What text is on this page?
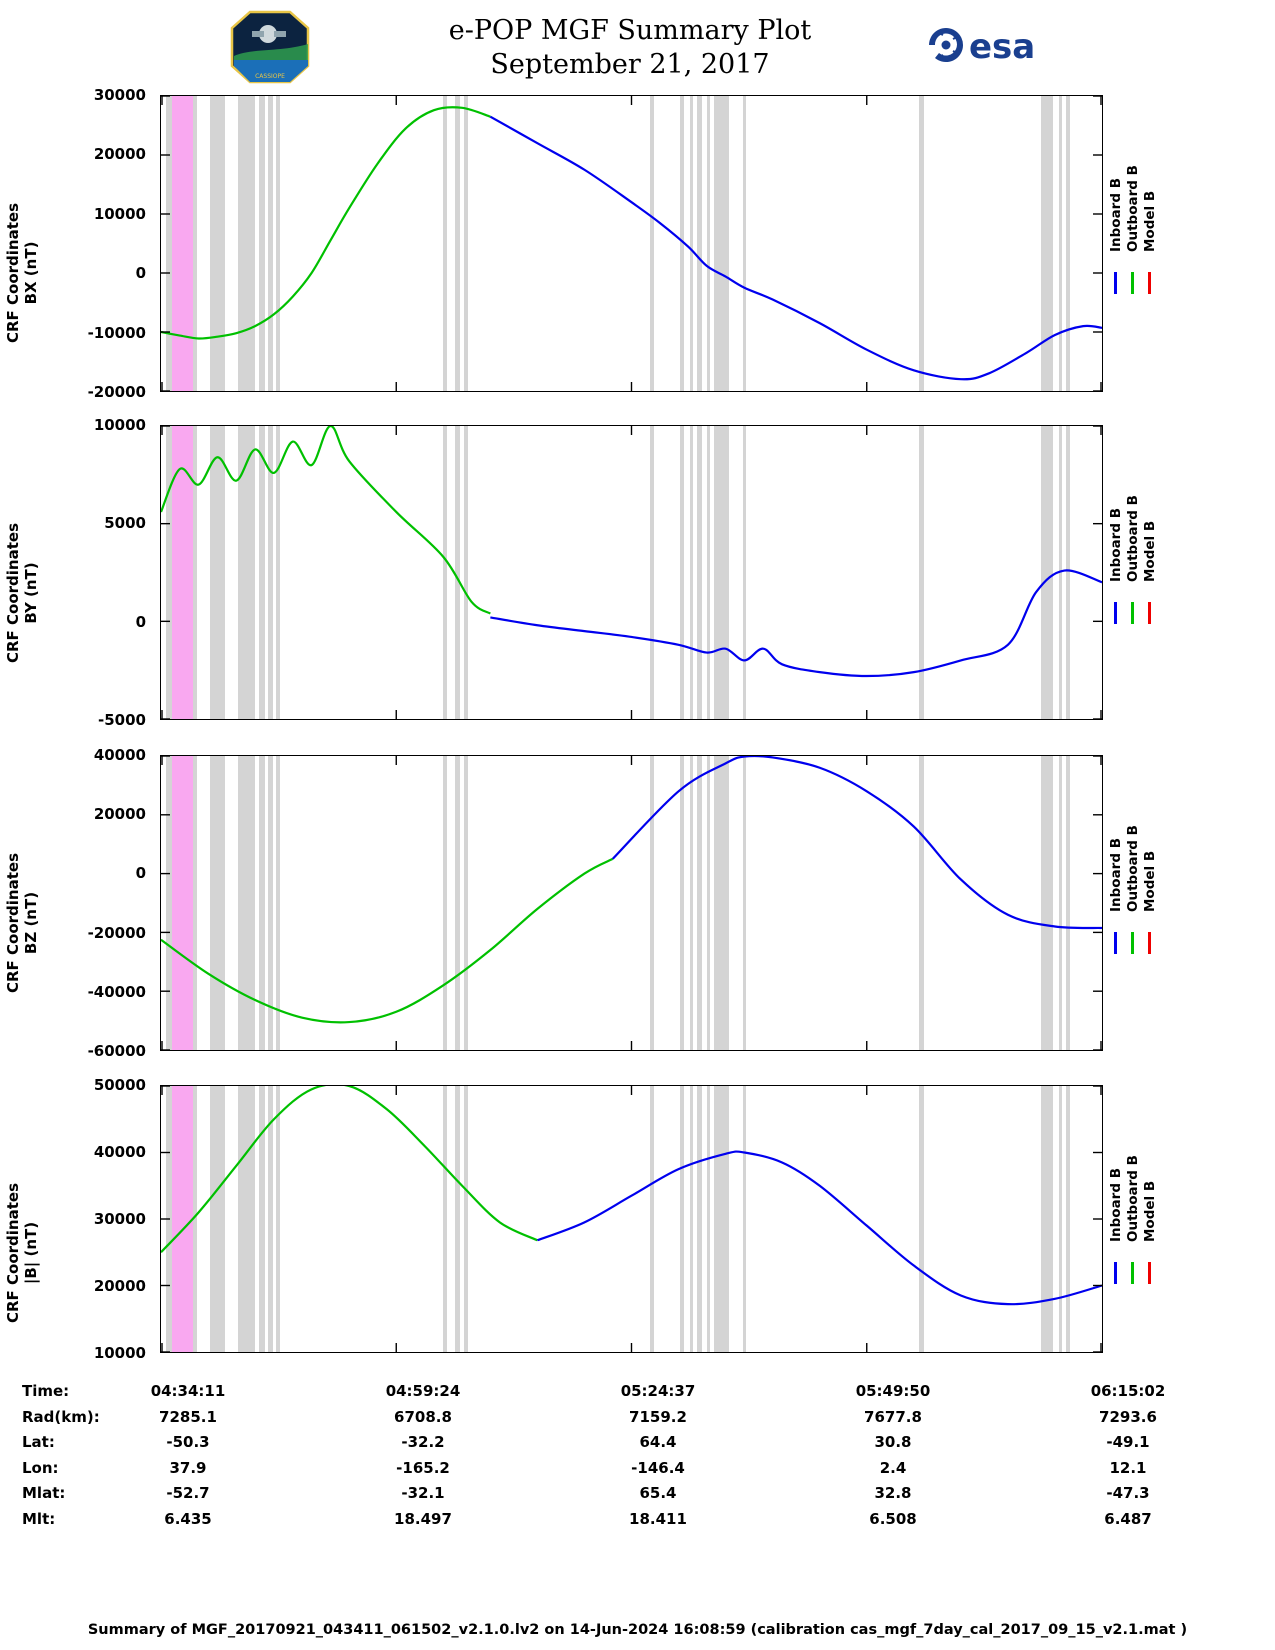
CASSIOPE
e-POP MGF Summary Plot
September 21, 2017	esa
CRF Coordinates BX (nT)
30000
20000
10000
0
-10000
-20000
CRF Coordinates BY (nT)
10000
5000
0
-5000
CRF Coordinates BZ (nT)
40000
20000
0
-20000
-40000
-60000
CRF Coordinates |B| (nT)
50000
40000
30000
20000
10000
Inboard B Outboard B Model B
Inboard B Outboard B Model B
Inboard B Outboard B Model B
Inboard B Outboard B Model B
Time:	04:34:11	04:59:24	05:24:37	05:49:50	06:15:02
Rad(km):	7285.1	6708.8	7159.2	7677.8	7293.6
Lat:	-50.3	-32.2	64.4	30.8	-49.1
Lon:	37.9	-165.2	-146.4	2.4	12.1
Mlat:	-52.7	-32.1	65.4	32.8	-47.3
Mlt:	6.435	18.497	18.411	6.508	6.487
Summary of MGF_20170921_043411_061502_v2.1.0.lv2 on 14-Jun-2024 16:08:59 (calibration cas_mgf_7day_cal_2017_09_15_v2.1.mat )
